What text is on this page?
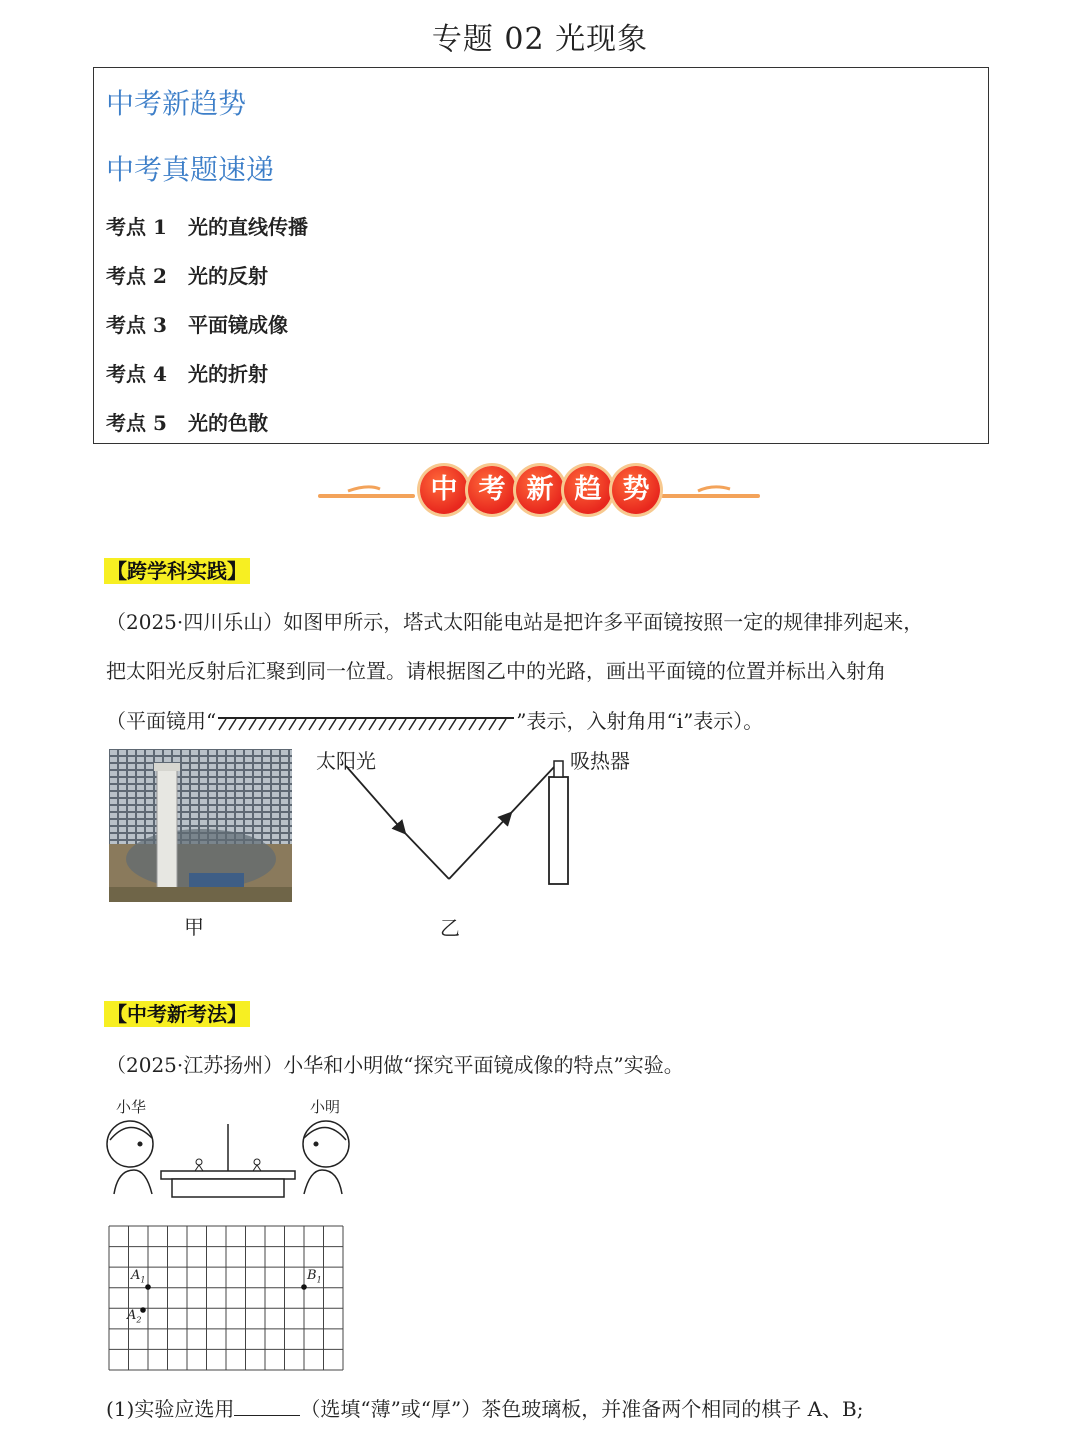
专题 02 光现象
中考新趋势
中考真题速递
考点 1 光的直线传播
考点 2 光的反射
考点 3 平面镜成像
考点 4 光的折射
考点 5 光的色散
中 考 新 趋 势
【跨学科实践】
（2025·四川乐山）如图甲所示，塔式太阳能电站是把许多平面镜按照一定的规律排列起来，
把太阳光反射后汇聚到同一位置。请根据图乙中的光路，画出平面镜的位置并标出入射角
（平面镜用“	”表示，入射角用“i”表示）。
甲
太阳光	吸热器
乙
【中考新考法】
（2025·江苏扬州）小华和小明做“探究平面镜成像的特点”实验。
小华	小明
$A_1$
$A_2$
$B_1$
(1)实验应选用	（选填“薄”或“厚”）茶色玻璃板，并准备两个相同的棋子 A、B;
